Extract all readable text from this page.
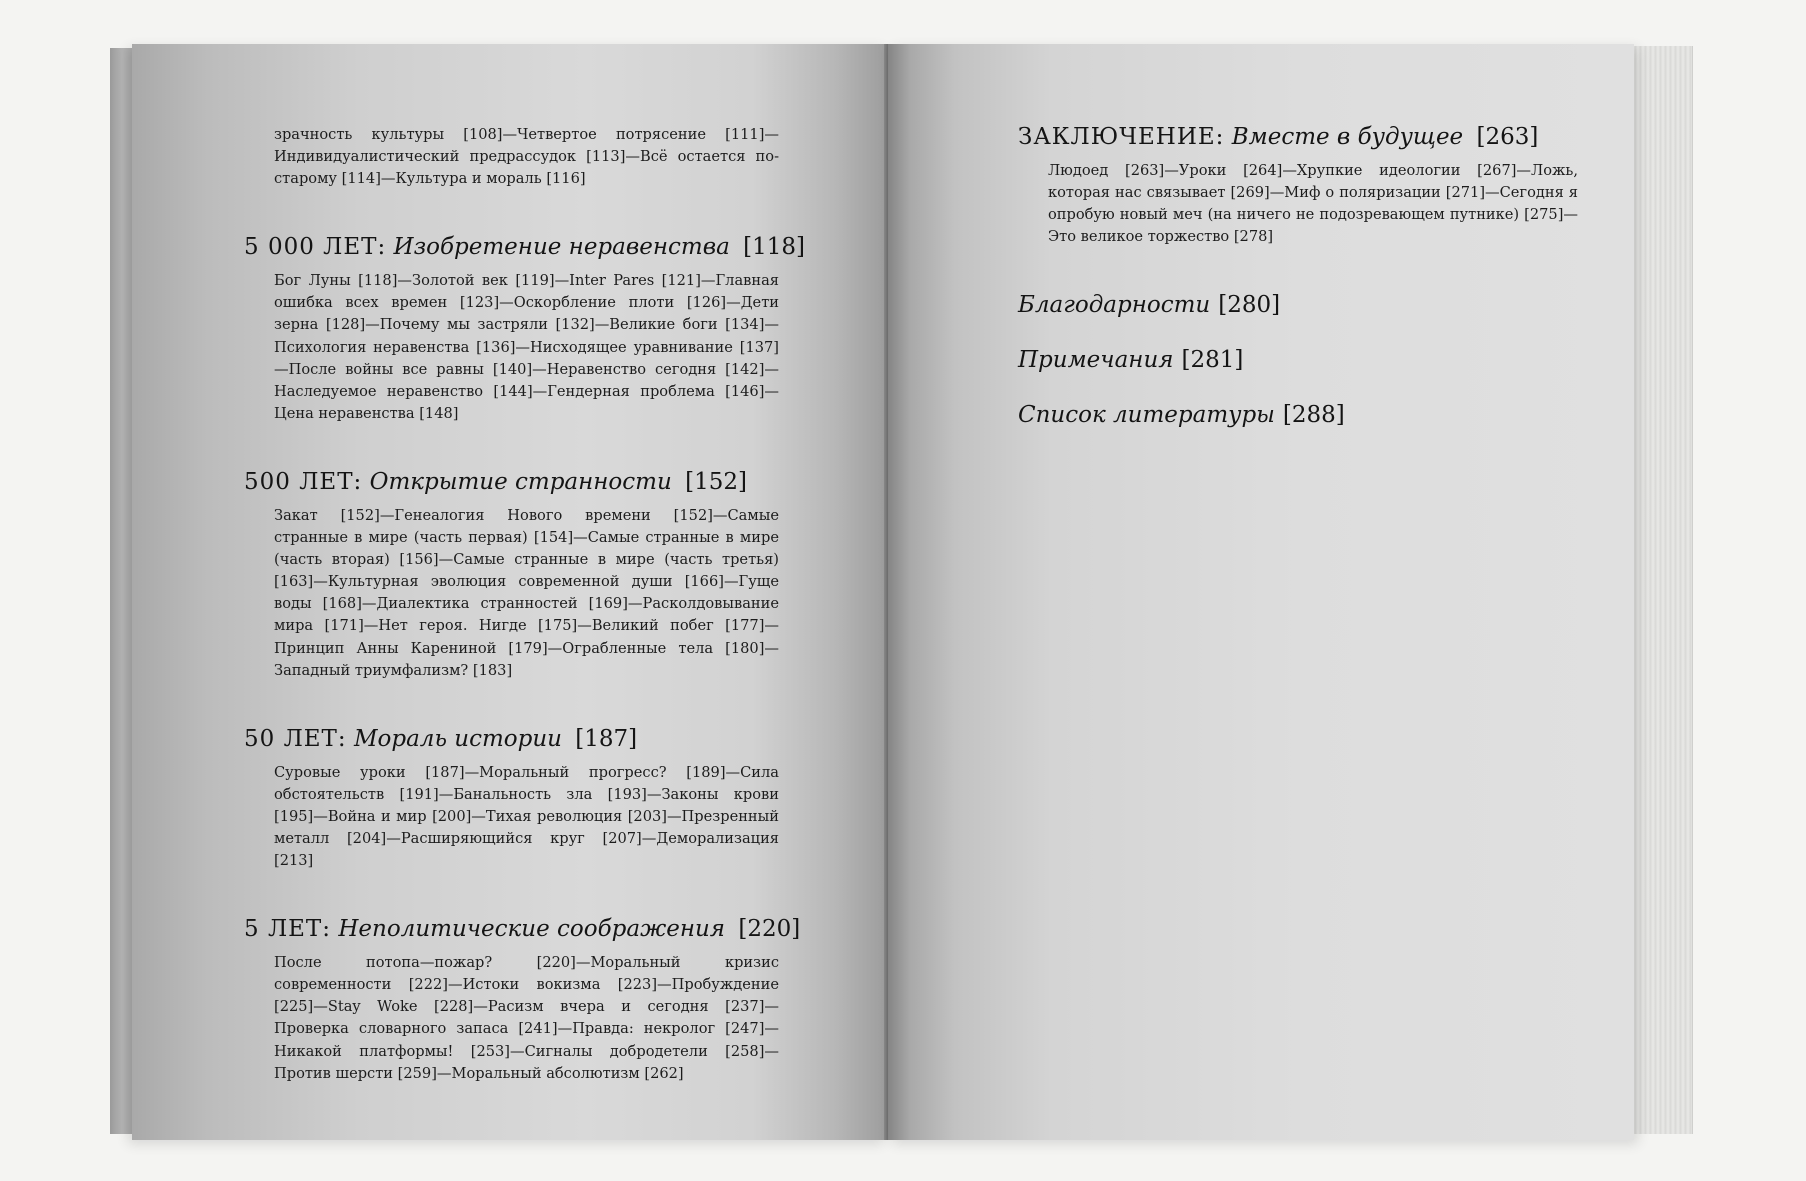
зрачность культуры [108]—Четвертое потрясение [111]—Индивидуалистический предрассудок [113]—Всё остается по-старому [114]—Культура и мораль [116]

5 000 ЛЕТ: Изобретение неравенства [118]

Бог Луны [118]—Золотой век [119]—Inter Pares [121]—Главная ошибка всех времен [123]—Оскорбление плоти [126]—Дети зерна [128]—Почему мы застряли [132]—Великие боги [134]—Психология неравенства [136]—Нисходящее уравнивание [137]—После войны все равны [140]—Неравенство сегодня [142]—Наследуемое неравенство [144]—Гендерная проблема [146]—Цена неравенства [148]

500 ЛЕТ: Открытие странности [152]

Закат [152]—Генеалогия Нового времени [152]—Самые странные в мире (часть первая) [154]—Самые странные в мире (часть вторая) [156]—Самые странные в мире (часть третья) [163]—Культурная эволюция современной души [166]—Гуще воды [168]—Диалектика странностей [169]—Расколдовывание мира [171]—Нет героя. Нигде [175]—Великий побег [177]—Принцип Анны Карениной [179]—Ограбленные тела [180]—Западный триумфализм? [183]

50 ЛЕТ: Мораль истории [187]

Суровые уроки [187]—Моральный прогресс? [189]—Сила обстоятельств [191]—Банальность зла [193]—Законы крови [195]—Война и мир [200]—Тихая революция [203]—Презренный металл [204]—Расширяющийся круг [207]—Деморализация [213]

5 ЛЕТ: Неполитические соображения [220]

После потопа—пожар? [220]—Моральный кризис современности [222]—Истоки вокизма [223]—Пробуждение [225]—Stay Woke [228]—Расизм вчера и сегодня [237]—Проверка словарного запаса [241]—Правда: некролог [247]—Никакой платформы! [253]—Сигналы добродетели [258]—Против шерсти [259]—Моральный абсолютизм [262]

ЗАКЛЮЧЕНИЕ: Вместе в будущее [263]

Людоед [263]—Уроки [264]—Хрупкие идеологии [267]—Ложь, которая нас связывает [269]—Миф о поляризации [271]—Сегодня я опробую новый меч (на ничего не подозревающем путнике) [275]—Это великое торжество [278]

Благодарности [280]
Примечания [281]
Список литературы [288]
